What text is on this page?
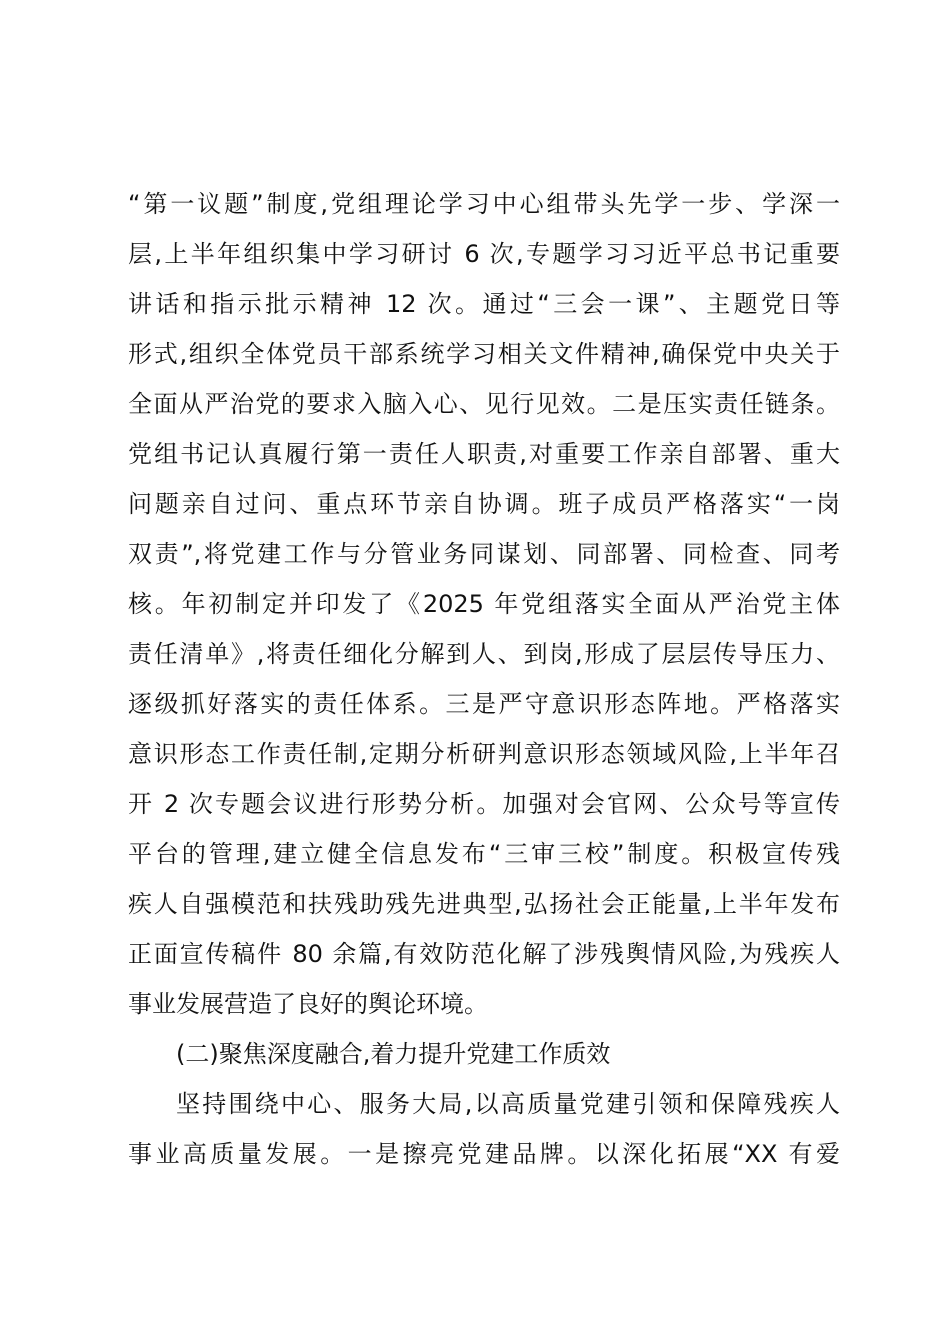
“第一议题”制度,党组理论学习中心组带头先学一步、学深一
层,上半年组织集中学习研讨 6 次,专题学习习近平总书记重要
讲话和指示批示精神 12 次。通过“三会一课”、主题党日等
形式,组织全体党员干部系统学习相关文件精神,确保党中央关于
全面从严治党的要求入脑入心、见行见效。二是压实责任链条。
党组书记认真履行第一责任人职责,对重要工作亲自部署、重大
问题亲自过问、重点环节亲自协调。班子成员严格落实“一岗
双责”,将党建工作与分管业务同谋划、同部署、同检查、同考
核。年初制定并印发了《2025 年党组落实全面从严治党主体
责任清单》,将责任细化分解到人、到岗,形成了层层传导压力、
逐级抓好落实的责任体系。三是严守意识形态阵地。严格落实
意识形态工作责任制,定期分析研判意识形态领域风险,上半年召
开 2 次专题会议进行形势分析。加强对会官网、公众号等宣传
平台的管理,建立健全信息发布“三审三校”制度。积极宣传残
疾人自强模范和扶残助残先进典型,弘扬社会正能量,上半年发布
正面宣传稿件 80 余篇,有效防范化解了涉残舆情风险,为残疾人
事业发展营造了良好的舆论环境。
(二)聚焦深度融合,着力提升党建工作质效
坚持围绕中心、服务大局,以高质量党建引领和保障残疾人
事业高质量发展。一是擦亮党建品牌。以深化拓展“XX 有爱
